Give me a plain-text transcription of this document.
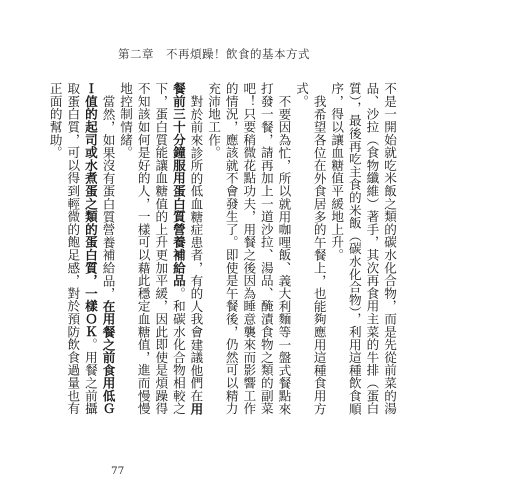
第二章　不再煩躁！飲食的基本方式

不是一開始就吃米飯之類的碳水化合物，而是先從前菜的湯品、沙拉（食物纖維）著手，其次再食用主菜的牛排（蛋白質），最後再吃主食的米飯（碳水化合物），利用這種飲食順序，得以讓血糖值平緩地上升。

我希望各位在外食居多的午餐上，也能夠應用這種食用方式。

不要因為忙，所以就用咖哩飯、義大利麵等一盤式餐點來打發一餐，請再加上一道沙拉、湯品、醃漬食物之類的副菜吧！只要稍微花點功夫，用餐之後因為睡意襲來而影響工作的情況，應該就不會發生了。即使是午餐後，仍然可以精力充沛地工作。

對於前來診所的低血糖症患者，有的人我會建議他們在用餐前三十分鐘服用蛋白質營養補給品。和碳水化合物相較之下，蛋白質能讓血糖值的上升更加平緩，因此即使是煩躁得不知該如何是好的人，一樣可以藉此穩定血糖值，進而慢慢地控制情緒。

當然，如果沒有蛋白質營養補給品，在用餐之前食用低ＧＩ值的起司或水煮蛋之類的蛋白質，一樣ＯＫ。用餐之前攝取蛋白質，可以得到輕微的飽足感，對於預防飲食過量也有正面的幫助。

77
